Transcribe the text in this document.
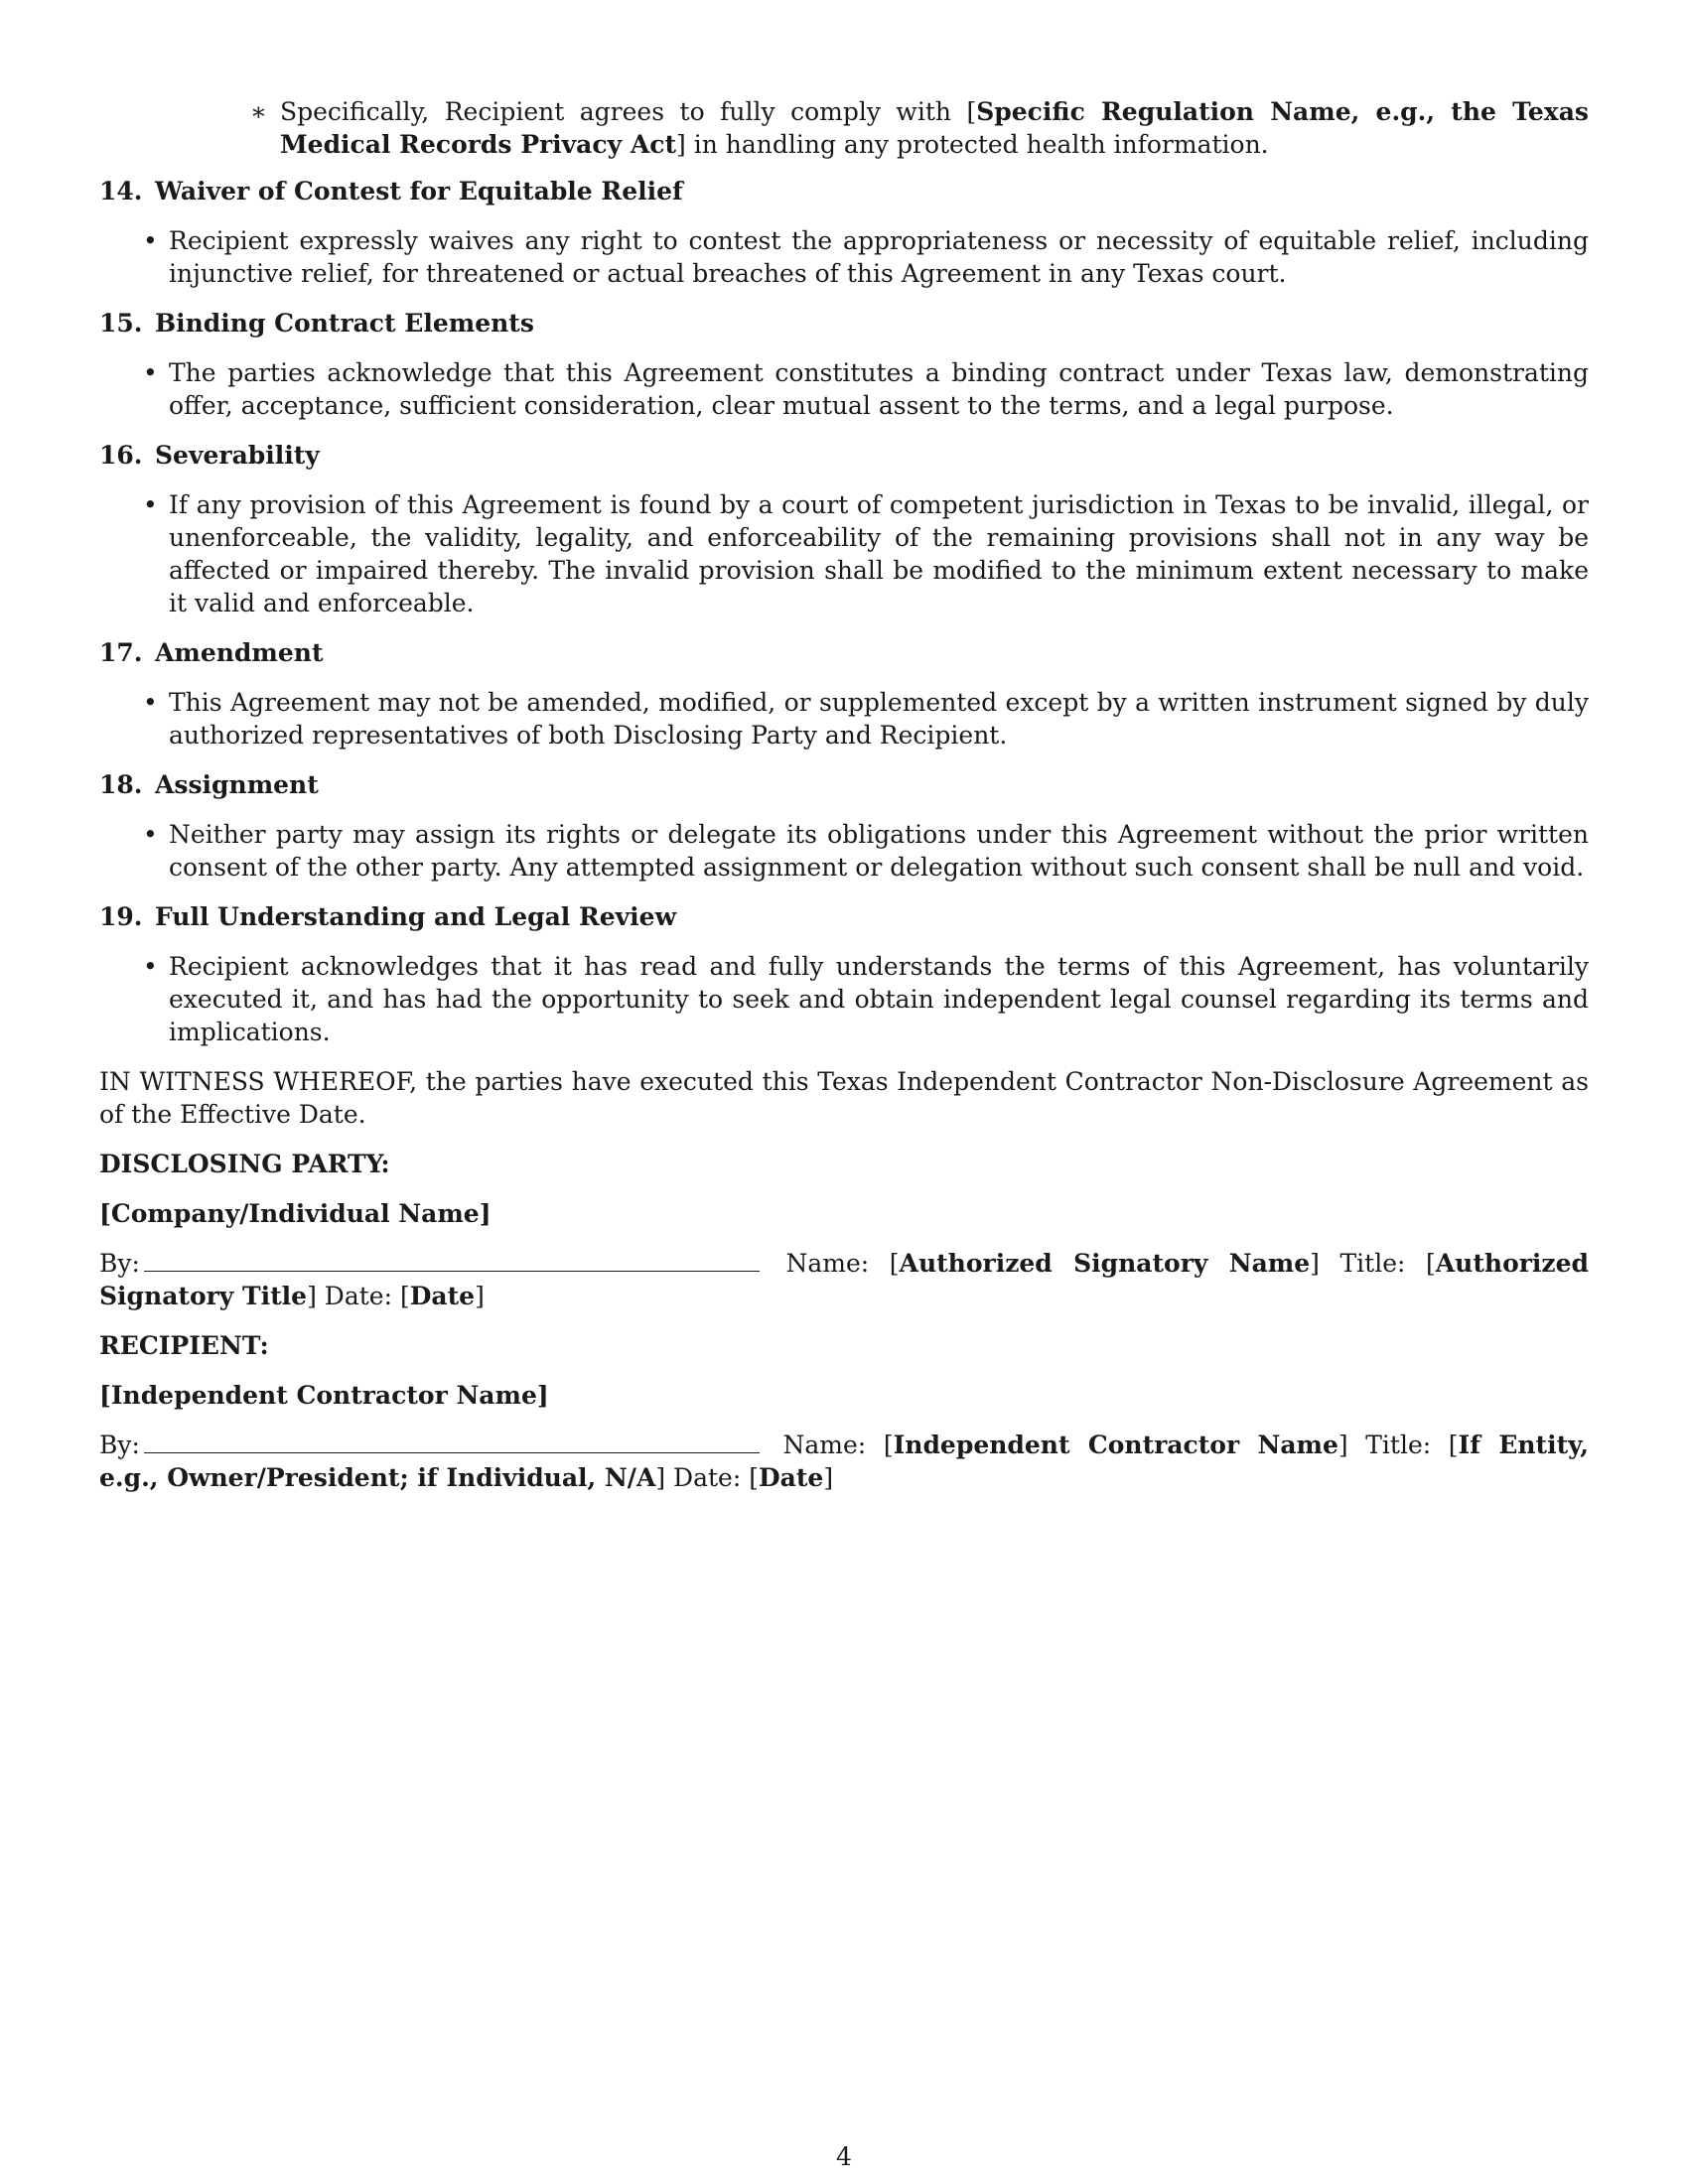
∗ Specifically, Recipient agrees to fully comply with [Specific Regulation Name, e.g., the Texas Medical Records Privacy Act] in handling any protected health information.
14. Waiver of Contest for Equitable Relief
• Recipient expressly waives any right to contest the appropriateness or necessity of equitable relief, including injunctive relief, for threatened or actual breaches of this Agreement in any Texas court.
15. Binding Contract Elements
• The parties acknowledge that this Agreement constitutes a binding contract under Texas law, demonstrating offer, acceptance, sufficient consideration, clear mutual assent to the terms, and a legal purpose.
16. Severability
• If any provision of this Agreement is found by a court of competent jurisdiction in Texas to be invalid, illegal, or unenforceable, the validity, legality, and enforceability of the remaining provisions shall not in any way be affected or impaired thereby. The invalid provision shall be modified to the minimum extent necessary to make it valid and enforceable.
17. Amendment
• This Agreement may not be amended, modified, or supplemented except by a written instrument signed by duly authorized representatives of both Disclosing Party and Recipient.
18. Assignment
• Neither party may assign its rights or delegate its obligations under this Agreement without the prior written consent of the other party. Any attempted assignment or delegation without such consent shall be null and void.
19. Full Understanding and Legal Review
• Recipient acknowledges that it has read and fully understands the terms of this Agreement, has voluntarily executed it, and has had the opportunity to seek and obtain independent legal counsel regarding its terms and implications.

IN WITNESS WHEREOF, the parties have executed this Texas Independent Contractor Non-Disclosure Agreement as of the Effective Date.

DISCLOSING PARTY:
[Company/Individual Name]
By:	Name: [Authorized Signatory Name] Title: [Authorized Signatory Title] Date: [Date]
RECIPIENT:
[Independent Contractor Name]
By:	Name: [Independent Contractor Name] Title: [If Entity, e.g., Owner/President; if Individual, N/A] Date: [Date]
4
